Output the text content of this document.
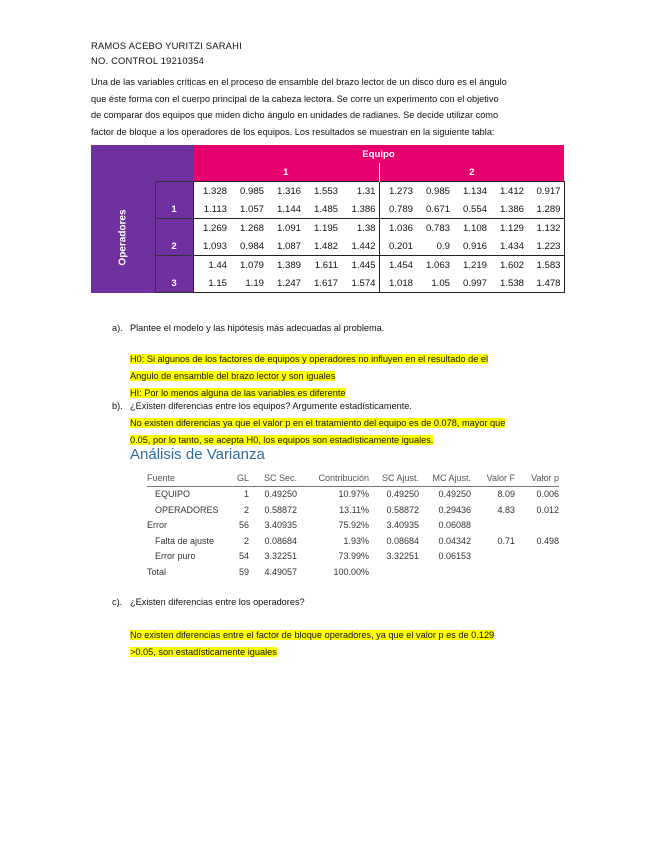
RAMOS ACEBO YURITZI SARAHI
NO. CONTROL 19210354
Una de las variables críticas en el proceso de ensamble del brazo lector de un disco duro es el ángulo
que éste forma con el cuerpo principal de la cabeza lectora. Se corre un experimento con el objetivo
de comparar dos equipos que miden dicho ángulo en unidades de radianes. Se decide utilizar como
factor de bloque a los operadores de los equipos. Los resultados se muestran en la siguiente tabla:
		Equipo									
		1					2				

Operadores		1.328	0.985	1.316	1.553	1.31	1.273	0.985	1.134	1.412	0.917
	1	1.113	1.057	1.144	1.485	1.386	0.789	0.671	0.554	1.386	1.289
		1.269	1.268	1.091	1.195	1.38	1.036	0.783	1.108	1.129	1.132
	2	1.093	0.984	1.087	1.482	1.442	0.201	0.9	0.916	1.434	1.223
		1.44	1.079	1.389	1.611	1.445	1.454	1.063	1.219	1.602	1.583
	3	1.15	1.19	1.247	1.617	1.574	1.018	1.05	0.997	1.538	1.478
a). Plantee el modelo y las hipótesis más adecuadas al problema.
H0: Si algunos de los factores de equipos y operadores no influyen en el resultado de el
Angulo de ensamble del brazo lector y son iguales
HI: Por lo menos alguna de las variables es diferente
b). ¿Existen diferencias entre los equipos? Argumente estadísticamente.
No existen diferencias ya que el valor p en el tratamiento del equipo es de 0.078, mayor que
0.05, por lo tanto, se acepta H0, los equipos son estadísticamente iguales.
Análisis de Varianza
Fuente	GL	SC Sec.	Contribución	SC Ajust.	MC Ajust.	Valor F	Valor p
EQUIPO	1	0.49250	10.97%	0.49250	0.49250	8.09	0.006
OPERADORES	2	0.58872	13.11%	0.58872	0.29436	4.83	0.012
Error	56	3.40935	75.92%	3.40935	0.06088		
Falta de ajuste	2	0.08684	1.93%	0.08684	0.04342	0.71	0.498
Error puro	54	3.32251	73.99%	3.32251	0.06153		
Total	59	4.49057	100.00%				
c). ¿Existen diferencias entre los operadores?
No existen diferencias entre el factor de bloque operadores, ya que el valor p es de 0.129
>0.05, son estadísticamente iguales
